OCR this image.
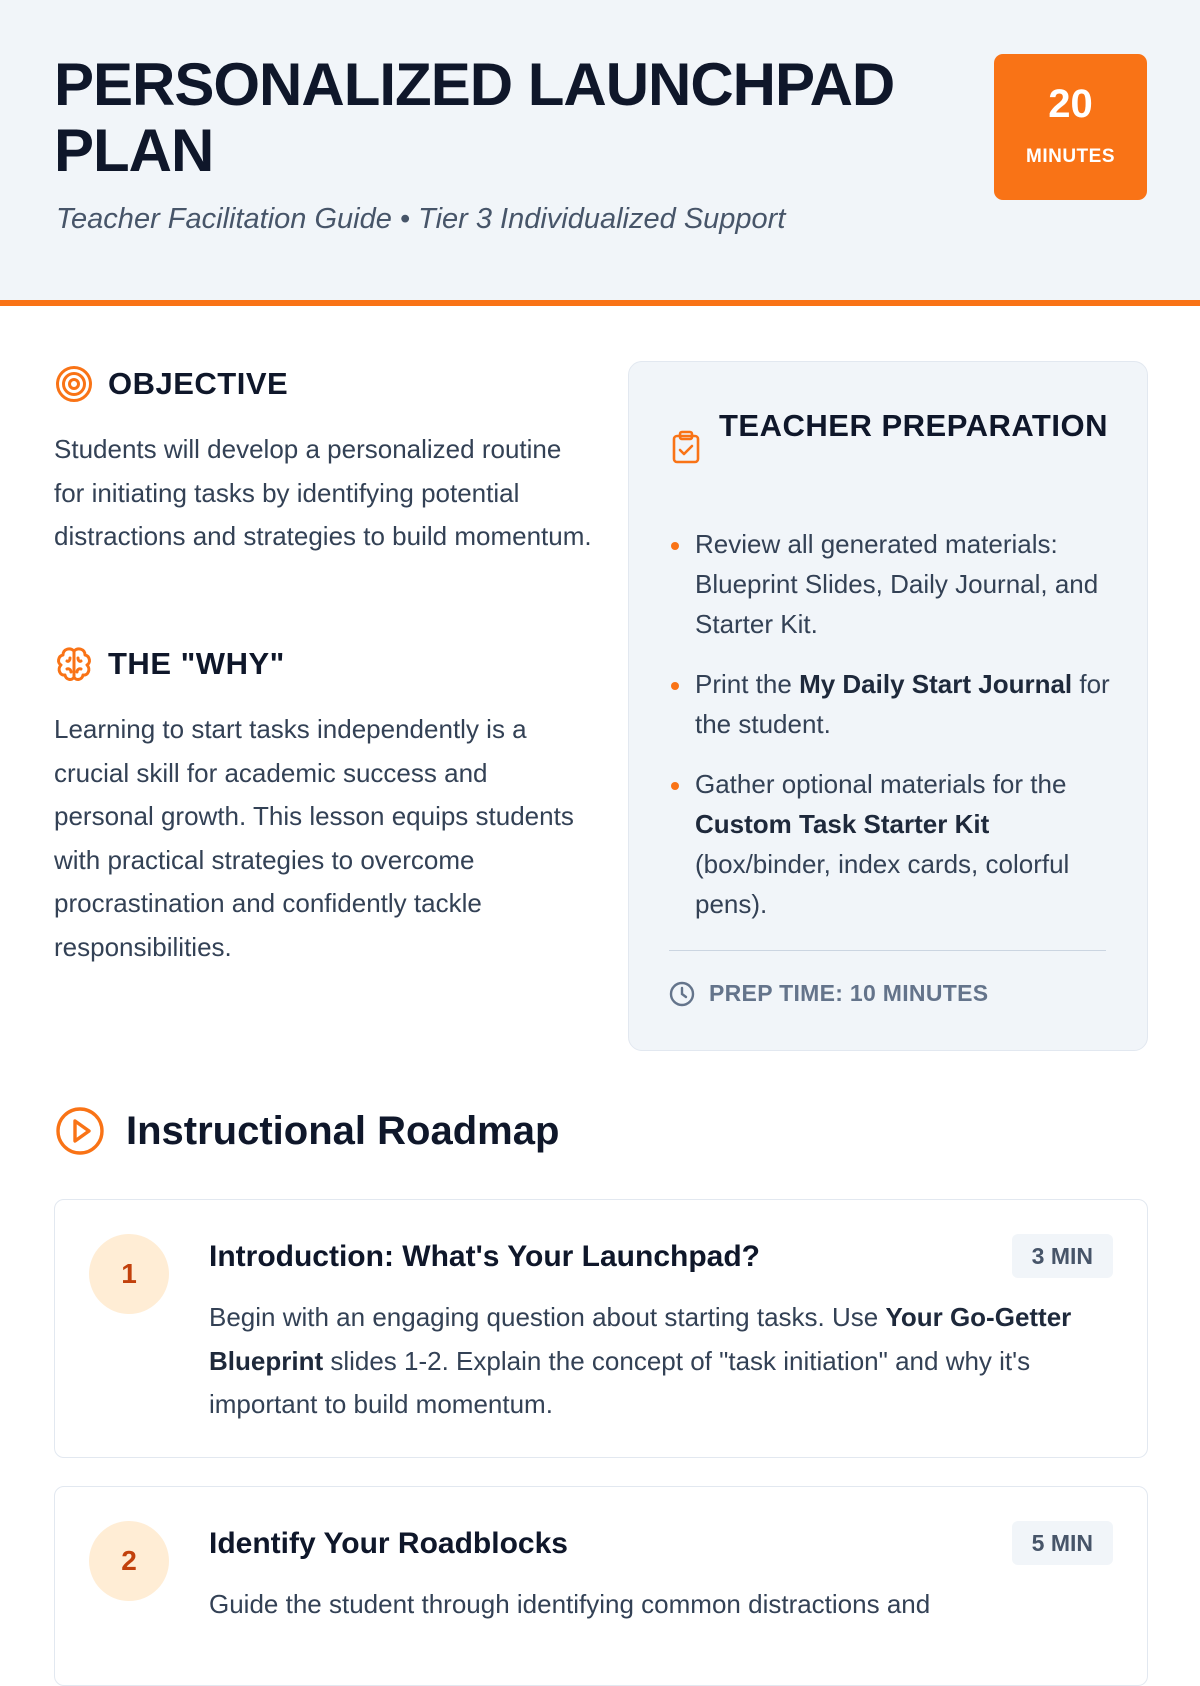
PERSONALIZED LAUNCHPAD PLAN
Teacher Facilitation Guide • Tier 3 Individualized Support
20
MINUTES
OBJECTIVE

Students will develop a personalized routine for initiating tasks by identifying potential distractions and strategies to build momentum.

THE "WHY"

Learning to start tasks independently is a crucial skill for academic success and personal growth. This lesson equips students with practical strategies to overcome procrastination and confidently tackle responsibilities.

TEACHER PREPARATION
Review all generated materials: Blueprint Slides, Daily Journal, and Starter Kit.
Print the My Daily Start Journal for the student.
Gather optional materials for the Custom Task Starter Kit (box/binder, index cards, colorful pens).
PREP TIME: 10 MINUTES
Instructional Roadmap
1
Introduction: What's Your Launchpad?	3 MIN

Begin with an engaging question about starting tasks. Use Your Go-Getter Blueprint slides 1-2. Explain the concept of "task initiation" and why it's important to build momentum.

2
Identify Your Roadblocks	5 MIN

Guide the student through identifying common distractions and
